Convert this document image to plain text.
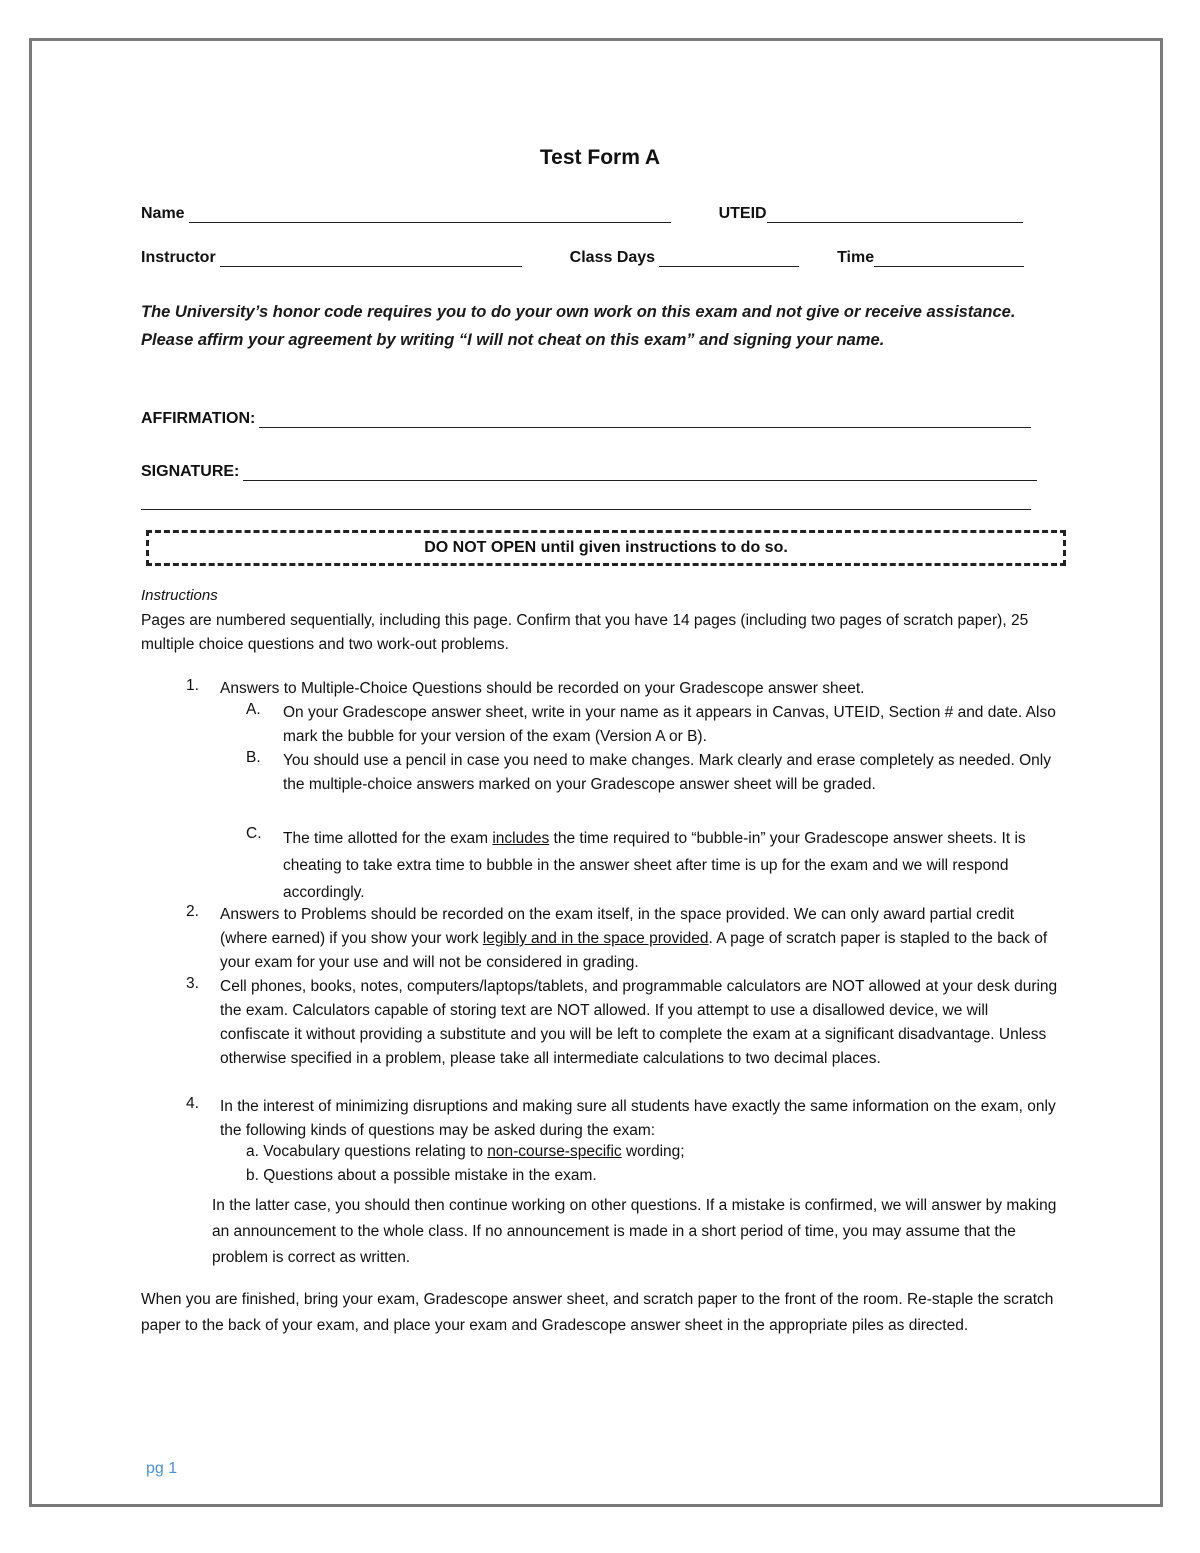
Test Form A
Name	UTEID
Instructor	Class Days	Time
The University’s honor code requires you to do your own work on this exam and not give or receive assistance. Please affirm your agreement by writing “I will not cheat on this exam” and signing your name.
AFFIRMATION:
SIGNATURE:
DO NOT OPEN until given instructions to do so.
Instructions
Pages are numbered sequentially, including this page. Confirm that you have 14 pages (including two pages of scratch paper), 25 multiple choice questions and two work-out problems.
1. Answers to Multiple-Choice Questions should be recorded on your Gradescope answer sheet.
A. On your Gradescope answer sheet, write in your name as it appears in Canvas, UTEID, Section # and date. Also mark the bubble for your version of the exam (Version A or B).
B. You should use a pencil in case you need to make changes. Mark clearly and erase completely as needed. Only the multiple-choice answers marked on your Gradescope answer sheet will be graded.
C. The time allotted for the exam includes the time required to “bubble-in” your Gradescope answer sheets. It is cheating to take extra time to bubble in the answer sheet after time is up for the exam and we will respond accordingly.
2. Answers to Problems should be recorded on the exam itself, in the space provided. We can only award partial credit (where earned) if you show your work legibly and in the space provided. A page of scratch paper is stapled to the back of your exam for your use and will not be considered in grading.
3. Cell phones, books, notes, computers/laptops/tablets, and programmable calculators are NOT allowed at your desk during the exam. Calculators capable of storing text are NOT allowed. If you attempt to use a disallowed device, we will confiscate it without providing a substitute and you will be left to complete the exam at a significant disadvantage. Unless otherwise specified in a problem, please take all intermediate calculations to two decimal places.
4. In the interest of minimizing disruptions and making sure all students have exactly the same information on the exam, only the following kinds of questions may be asked during the exam:
a. Vocabulary questions relating to non-course-specific wording;
b. Questions about a possible mistake in the exam.
In the latter case, you should then continue working on other questions. If a mistake is confirmed, we will answer by making an announcement to the whole class. If no announcement is made in a short period of time, you may assume that the problem is correct as written.
When you are finished, bring your exam, Gradescope answer sheet, and scratch paper to the front of the room. Re-staple the scratch paper to the back of your exam, and place your exam and Gradescope answer sheet in the appropriate piles as directed.
pg 1
